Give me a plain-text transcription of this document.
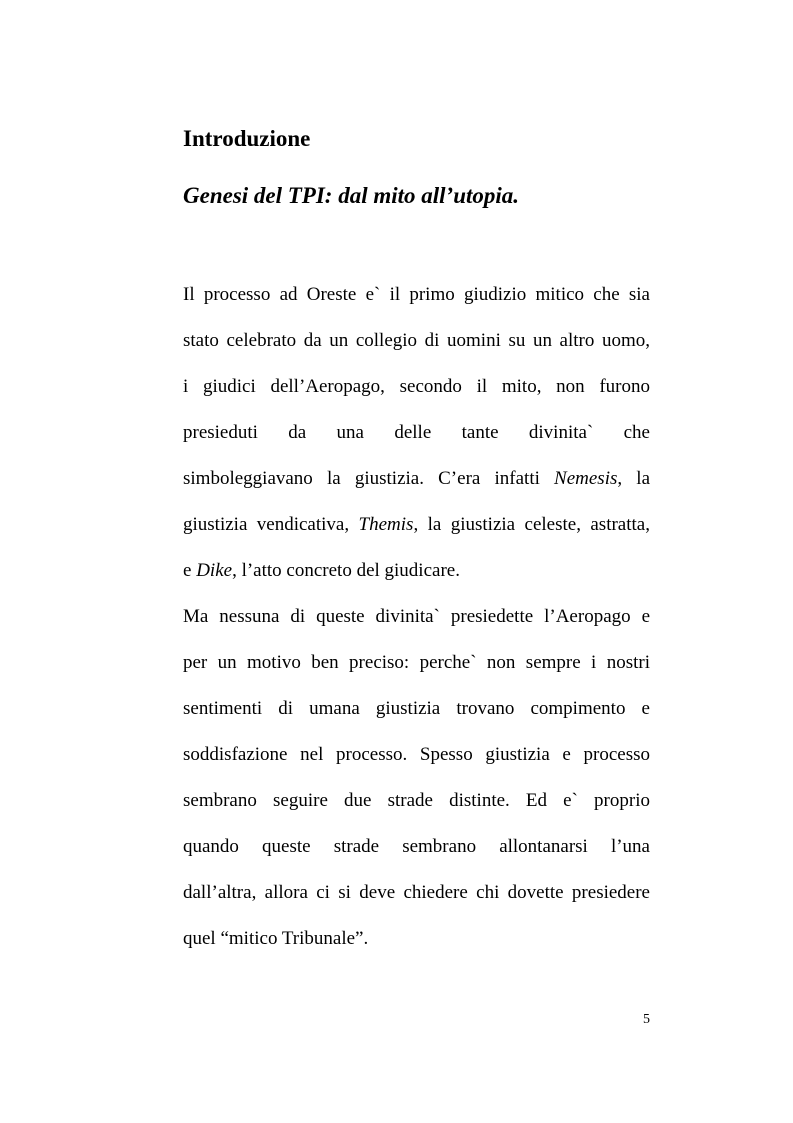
Introduzione
Genesi del TPI: dal mito all’utopia.
Il processo ad Oreste e` il primo giudizio mitico che sia
stato celebrato da un collegio di uomini su un altro uomo,
i giudici dell’Aeropago, secondo il mito, non furono
presieduti da una delle tante divinita` che
simboleggiavano la giustizia. C’era infatti Nemesis, la
giustizia vendicativa, Themis, la giustizia celeste, astratta,
e Dike, l’atto concreto del giudicare.
Ma nessuna di queste divinita` presiedette l’Aeropago e
per un motivo ben preciso: perche` non sempre i nostri
sentimenti di umana giustizia trovano compimento e
soddisfazione nel processo. Spesso giustizia e processo
sembrano seguire due strade distinte. Ed e` proprio
quando queste strade sembrano allontanarsi l’una
dall’altra, allora ci si deve chiedere chi dovette presiedere
quel “mitico Tribunale”.
5
